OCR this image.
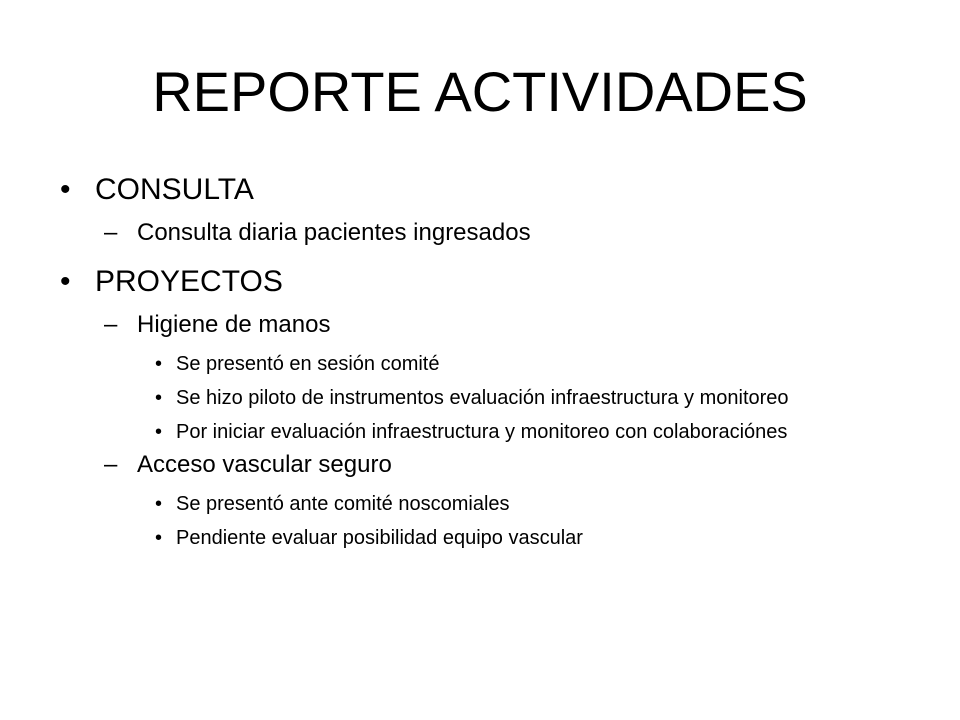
REPORTE ACTIVIDADES
• CONSULTA
– Consulta diaria pacientes ingresados
• PROYECTOS
– Higiene de manos
• Se presentó en sesión comité
• Se hizo piloto de instrumentos evaluación infraestructura y monitoreo
• Por iniciar evaluación infraestructura y monitoreo con colaboraciónes
– Acceso vascular seguro
• Se presentó ante comité noscomiales
• Pendiente evaluar posibilidad equipo vascular
